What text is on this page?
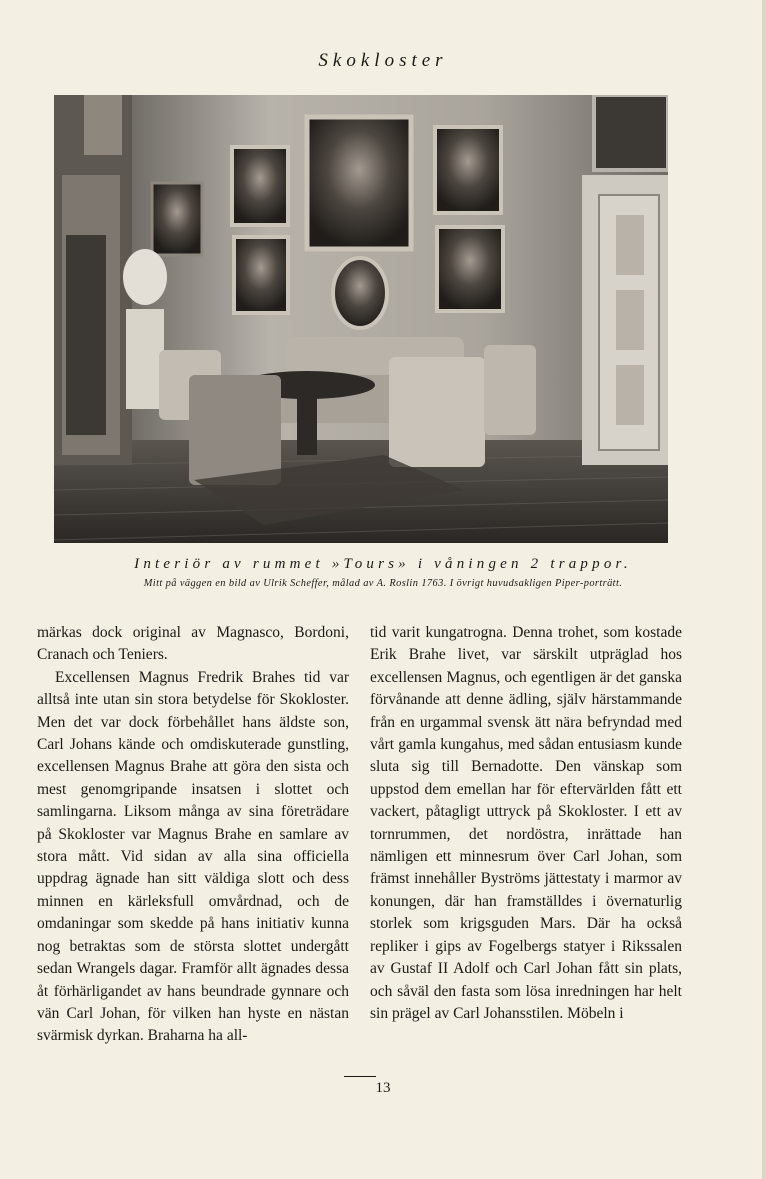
Skokloster
Interiör av rummet »Tours» i våningen 2 trappor.
Mitt på väggen en bild av Ulrik Scheffer, målad av A. Roslin 1763. I övrigt huvudsakligen Piper-porträtt.

märkas dock original av Magnasco, Bordoni, Cranach och Teniers.

Excellensen Magnus Fredrik Brahes tid var alltså inte utan sin stora betydelse för Skokloster. Men det var dock förbehållet hans äldste son, Carl Johans kände och omdiskuterade gunstling, excellensen Magnus Brahe att göra den sista och mest genomgripande insatsen i slottet och samlingarna. Liksom många av sina företrädare på Skokloster var Magnus Brahe en samlare av stora mått. Vid sidan av alla sina officiella uppdrag ägnade han sitt väldiga slott och dess minnen en kärleksfull omvårdnad, och de omdaningar som skedde på hans initiativ kunna nog betraktas som de största slottet undergått sedan Wrangels dagar. Framför allt ägnades dessa åt förhärligandet av hans beundrade gynnare och vän Carl Johan, för vilken han hyste en nästan svärmisk dyrkan. Braharna ha all-

tid varit kungatrogna. Denna trohet, som kostade Erik Brahe livet, var särskilt utpräglad hos excellensen Magnus, och egentligen är det ganska förvånande att denne ädling, själv härstammande från en urgammal svensk ätt nära befryndad med vårt gamla kungahus, med sådan entusiasm kunde sluta sig till Bernadotte. Den vänskap som uppstod dem emellan har för eftervärlden fått ett vackert, påtagligt uttryck på Skokloster. I ett av tornrummen, det nordöstra, inrättade han nämligen ett minnesrum över Carl Johan, som främst innehåller Byströms jättestaty i marmor av konungen, där han framställdes i övernaturlig storlek som krigsguden Mars. Där ha också repliker i gips av Fogelbergs statyer i Rikssalen av Gustaf II Adolf och Carl Johan fått sin plats, och såväl den fasta som lösa inredningen har helt sin prägel av Carl Johansstilen. Möbeln i

13
